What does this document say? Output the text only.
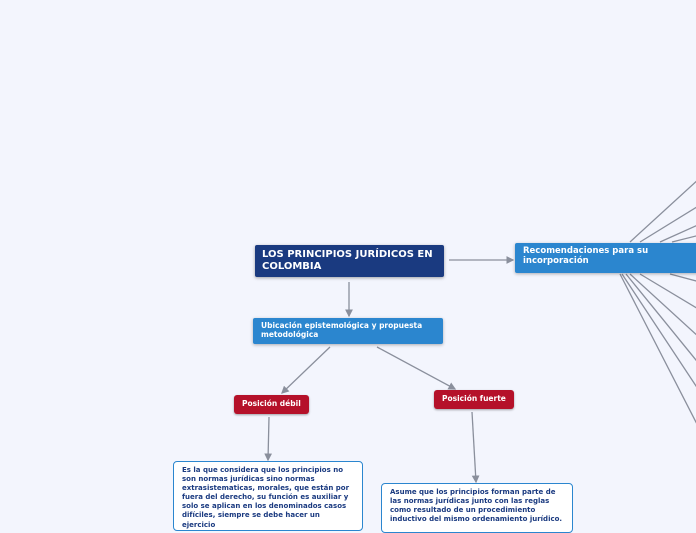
LOS PRINCIPIOS JURÍDICOS EN COLOMBIA
Ubicación epistemológica y propuesta metodológica
Recomendaciones para su incorporación
Posición débil
Posición fuerte
Es la que considera que los principios no son normas jurídicas sino normas extrasistematicas, morales, que están por fuera del derecho, su función es auxiliar y solo se aplican en los denominados casos difíciles, siempre se debe hacer un ejercicio
Asume que los principios forman parte de las normas jurídicas junto con las reglas como resultado de un procedimiento inductivo del mismo ordenamiento jurídico.
